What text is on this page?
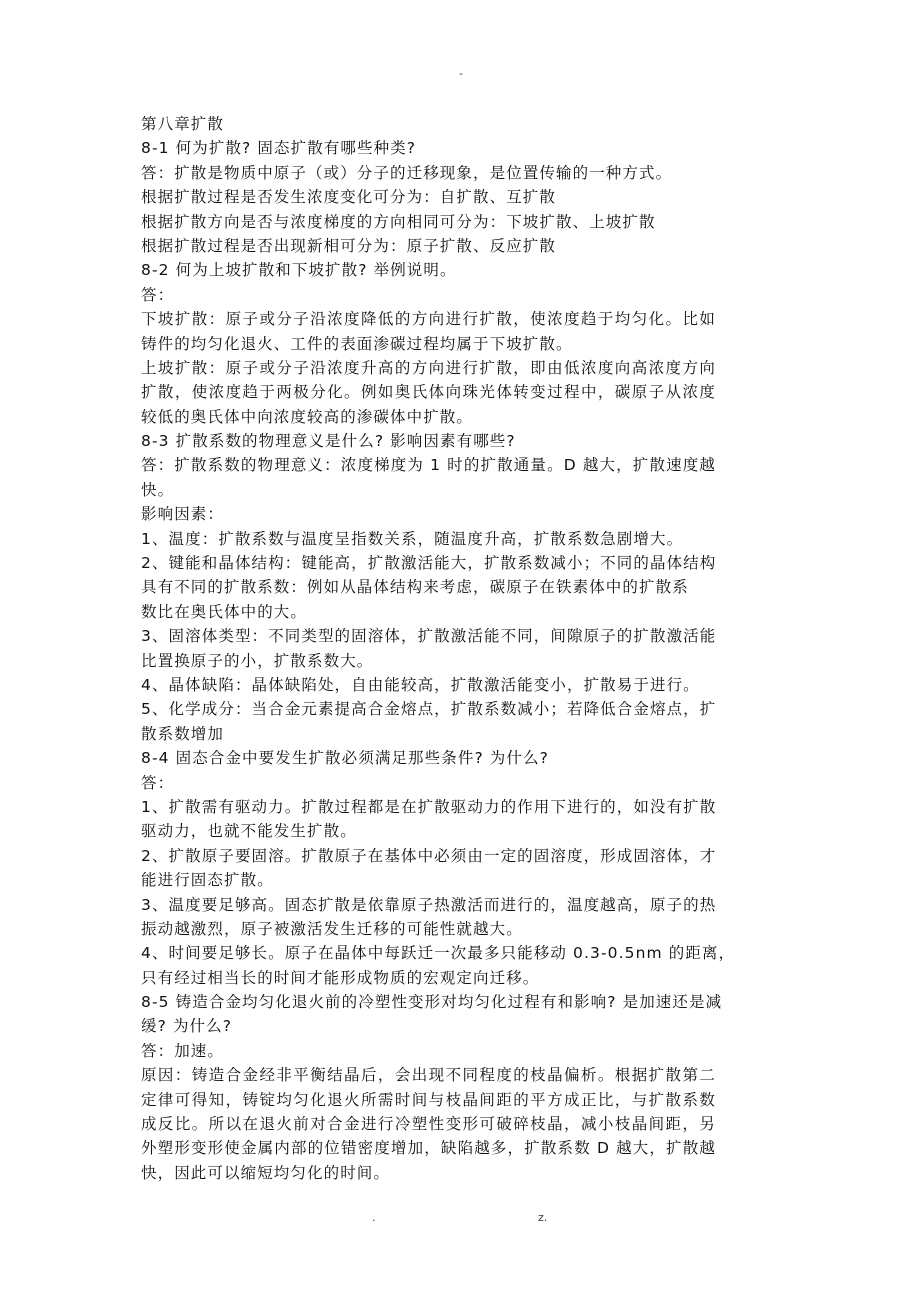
-
第八章扩散
8-1 何为扩散? 固态扩散有哪些种类?
答：扩散是物质中原子（或）分子的迁移现象，是位置传输的一种方式。
根据扩散过程是否发生浓度变化可分为：自扩散、互扩散
根据扩散方向是否与浓度梯度的方向相同可分为：下坡扩散、上坡扩散
根据扩散过程是否出现新相可分为：原子扩散、反应扩散
8-2 何为上坡扩散和下坡扩散? 举例说明。
答：
下坡扩散：原子或分子沿浓度降低的方向进行扩散，使浓度趋于均匀化。比如
铸件的均匀化退火、工件的表面渗碳过程均属于下坡扩散。
上坡扩散：原子或分子沿浓度升高的方向进行扩散，即由低浓度向高浓度方向
扩散，使浓度趋于两极分化。例如奥氏体向珠光体转变过程中，碳原子从浓度
较低的奥氏体中向浓度较高的渗碳体中扩散。
8-3 扩散系数的物理意义是什么? 影响因素有哪些?
答：扩散系数的物理意义：浓度梯度为 1 时的扩散通量。D 越大，扩散速度越
快。
影响因素：
1、温度：扩散系数与温度呈指数关系，随温度升高，扩散系数急剧增大。
2、键能和晶体结构：键能高，扩散激活能大，扩散系数减小；不同的晶体结构
具有不同的扩散系数：例如从晶体结构来考虑，碳原子在铁素体中的扩散系
数比在奥氏体中的大。
3、固溶体类型：不同类型的固溶体，扩散激活能不同，间隙原子的扩散激活能
比置换原子的小，扩散系数大。
4、晶体缺陷：晶体缺陷处，自由能较高，扩散激活能变小，扩散易于进行。
5、化学成分：当合金元素提高合金熔点，扩散系数减小；若降低合金熔点，扩
散系数增加
8-4 固态合金中要发生扩散必须满足那些条件? 为什么?
答：
1、扩散需有驱动力。扩散过程都是在扩散驱动力的作用下进行的，如没有扩散
驱动力，也就不能发生扩散。
2、扩散原子要固溶。扩散原子在基体中必须由一定的固溶度，形成固溶体，才
能进行固态扩散。
3、温度要足够高。固态扩散是依靠原子热激活而进行的，温度越高，原子的热
振动越激烈，原子被激活发生迁移的可能性就越大。
4、时间要足够长。原子在晶体中每跃迁一次最多只能移动 0.3-0.5nm 的距离，
只有经过相当长的时间才能形成物质的宏观定向迁移。
8-5 铸造合金均匀化退火前的冷塑性变形对均匀化过程有和影响? 是加速还是减
缓? 为什么?
答：加速。
原因：铸造合金经非平衡结晶后，会出现不同程度的枝晶偏析。根据扩散第二
定律可得知，铸锭均匀化退火所需时间与枝晶间距的平方成正比，与扩散系数
成反比。所以在退火前对合金进行冷塑性变形可破碎枝晶，减小枝晶间距，另
外塑形变形使金属内部的位错密度增加，缺陷越多，扩散系数 D 越大，扩散越
快，因此可以缩短均匀化的时间。
.	z.
